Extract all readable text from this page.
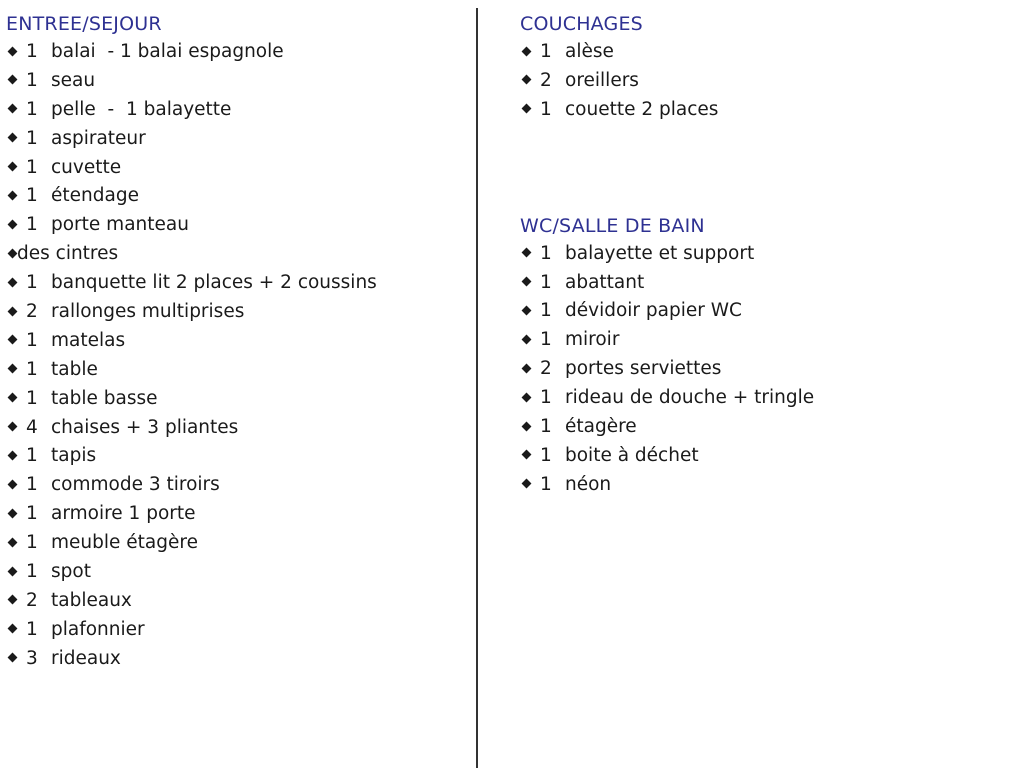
ENTREE/SEJOUR
1 balai  - 1 balai espagnole
1 seau
1 pelle  -  1 balayette
1 aspirateur
1 cuvette
1 étendage
1 porte manteau
des cintres
1 banquette lit 2 places + 2 coussins
2 rallonges multiprises
1 matelas
1 table
1 table basse
4 chaises + 3 pliantes
1 tapis
1 commode 3 tiroirs
1 armoire 1 porte
1 meuble étagère
1 spot
2 tableaux
1 plafonnier
3 rideaux
COUCHAGES
1 alèse
2 oreillers
1 couette 2 places
WC/SALLE DE BAIN
1 balayette et support
1 abattant
1 dévidoir papier WC
1 miroir
2 portes serviettes
1 rideau de douche + tringle
1 étagère
1 boite à déchet
1 néon
